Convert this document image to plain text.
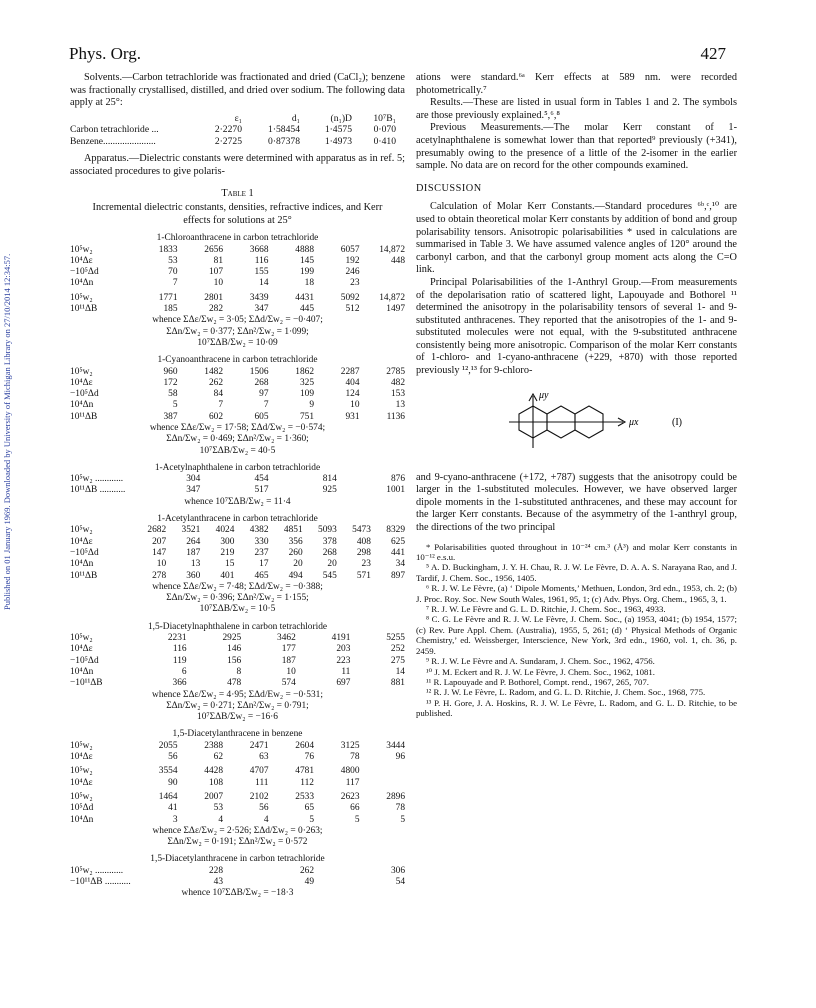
Published on 01 January 1969. Downloaded by University of Michigan Library on 27/10/2014 12:34:57.
Phys. Org.	427

Solvents.—Carbon tetrachloride was fractionated and dried (CaCl₂); benzene was fractionally crystallised, distilled, and dried over sodium. The following data apply at 25°:

ε₁	d₁	(n₁)D	10⁷B₁
Carbon tetrachloride ...	2·2270	1·58454	1·4575	0·070
Benzene......................	2·2725	0·87378	1·4973	0·410

Apparatus.—Dielectric constants were determined with apparatus as in ref. 5; associated procedures to give polaris-

Table 1
Incremental dielectric constants, densities, refractive indices, and Kerr effects for solutions at 25°
1-Chloroanthracene in carbon tetrachloride
10⁵w₂	1833	2656	3668	4888	6057	14,872
10⁴Δε	53	81	116	145	192	448
−10⁵Δd	70	107	155	199	246
10⁴Δn	7	10	14	18	23
10⁵w₂	1771	2801	3439	4431	5092	14,872
10¹¹ΔB	185	282	347	445	512	1497
whence ΣΔε/Σw₂ = 3·05; ΣΔd/Σw₂ = −0·407;
ΣΔn/Σw₂ = 0·377; ΣΔn²/Σw₂ = 1·099;
10⁷ΣΔB/Σw₂ = 10·09
1-Cyanoanthracene in carbon tetrachloride
10⁵w₂	960	1482	1506	1862	2287	2785
10⁴Δε	172	262	268	325	404	482
−10⁵Δd	58	84	97	109	124	153
10⁴Δn	5	7	7	9	10	13
10¹¹ΔB	387	602	605	751	931	1136
whence ΣΔε/Σw₂ = 17·58; ΣΔd/Σw₂ = −0·574;
ΣΔn/Σw₂ = 0·469; ΣΔn²/Σw₂ = 1·360;
10⁷ΣΔB/Σw₂ = 40·5
1-Acetylnaphthalene in carbon tetrachloride
10⁵w₂ ............	304	454	814	876
10¹¹ΔB ...........	347	517	925	1001
whence 10⁷ΣΔB/Σw₂ = 11·4
1-Acetylanthracene in carbon tetrachloride
10⁵w₂	2682	3521	4024	4382	4851	5093	5473	8329
10⁴Δε	207	264	300	330	356	378	408	625
−10⁵Δd	147	187	219	237	260	268	298	441
10⁴Δn	10	13	15	17	20	20	23	34
10¹¹ΔB	278	360	401	465	494	545	571	897
whence ΣΔε/Σw₂ = 7·48; ΣΔd/Σw₂ = −0·388;
ΣΔn/Σw₂ = 0·396; ΣΔn²/Σw₂ = 1·155;
10⁷ΣΔB/Σw₂ = 10·5
1,5-Diacetylnaphthalene in carbon tetrachloride
10⁵w₂	2231	2925	3462	4191	5255
10⁴Δε	116	146	177	203	252
−10⁵Δd	119	156	187	223	275
10⁴Δn	6	8	10	11	14
−10¹¹ΔB	366	478	574	697	881
whence ΣΔε/Σw₂ = 4·95; ΣΔd/Ew₂ = −0·531;
ΣΔn/Σw₂ = 0·271; ΣΔn²/Σw₂ = 0·791;
10⁷ΣΔB/Σw₂ = −16·6
1,5-Diacetylanthracene in benzene
10⁵w₂	2055	2388	2471	2604	3125	3444
10⁴Δε	56	62	63	76	78	96
10⁵w₂	3554	4428	4707	4781	4800
10⁴Δε	90	108	111	112	117
10⁵w₂	1464	2007	2102	2533	2623	2896
10⁵Δd	41	53	56	65	66	78
10⁴Δn	3	4	4	5	5	5
whence ΣΔε/Σw₂ = 2·526; ΣΔd/Σw₂ = 0·263;
ΣΔn/Σw₂ = 0·191; ΣΔn²/Σw₂ = 0·572
1,5-Diacetylanthracene in carbon tetrachloride
10⁵w₂ ............	228	262	306
−10¹¹ΔB ...........	43	49	54
whence 10⁷ΣΔB/Σw₂ = −18·3

ations were standard.⁶ᵃ Kerr effects at 589 nm. were recorded photometrically.⁷

Results.—These are listed in usual form in Tables 1 and 2. The symbols are those previously explained.⁵,⁶,⁸

Previous Measurements.—The molar Kerr constant of 1-acetylnaphthalene is somewhat lower than that reported⁹ previously (+341), presumably owing to the presence of a little of the 2-isomer in the earlier sample. No data are on record for the other compounds examined.

DISCUSSION

Calculation of Molar Kerr Constants.—Standard procedures ⁶ᵇ,ᶜ,¹⁰ are used to obtain theoretical molar Kerr constants by addition of bond and group polarisability tensors. Anisotropic polarisabilities * used in calculations are summarised in Table 3. We have assumed valence angles of 120° around the carbonyl carbon, and that the carbonyl group moment acts along the C=O link.

Principal Polarisabilities of the 1-Anthryl Group.—From measurements of the depolarisation ratio of scattered light, Lapouyade and Bothorel ¹¹ determined the anisotropy in the polarisability tensors of several 1- and 9-substituted anthracenes. They reported that the anisotropies of the 1- and 9-substituted molecules were not equal, with the 9-substituted anthracene consistently being more anisotropic. Comparison of the molar Kerr constants of 1-chloro- and 1-cyano-anthracene (+229, +870) with those reported previously ¹²,¹³ for 9-chloro-

μy
μx	(I)

and 9-cyano-anthracene (+172, +787) suggests that the anisotropy could be larger in the 1-substituted molecules. However, we have observed larger dipole moments in the 1-substituted anthracenes, and these may account for the larger Kerr constants. Because of the asymmetry of the 1-anthryl group, the directions of the two principal

* Polarisabilities quoted throughout in 10⁻²⁴ cm.³ (Å³) and molar Kerr constants in 10⁻¹² e.s.u.

⁵ A. D. Buckingham, J. Y. H. Chau, R. J. W. Le Fèvre, D. A. A. S. Narayana Rao, and J. Tardif, J. Chem. Soc., 1956, 1405.

⁶ R. J. W. Le Fèvre, (a) ‘ Dipole Moments,’ Methuen, London, 3rd edn., 1953, ch. 2; (b) J. Proc. Roy. Soc. New South Wales, 1961, 95, 1; (c) Adv. Phys. Org. Chem., 1965, 3, 1.

⁷ R. J. W. Le Fèvre and G. L. D. Ritchie, J. Chem. Soc., 1963, 4933.

⁸ C. G. Le Fèvre and R. J. W. Le Fèvre, J. Chem. Soc., (a) 1953, 4041; (b) 1954, 1577; (c) Rev. Pure Appl. Chem. (Australia), 1955, 5, 261; (d) ‘ Physical Methods of Organic Chemistry,’ ed. Weissberger, Interscience, New York, 3rd edn., 1960, vol. 1, ch. 36, p. 2459.

⁹ R. J. W. Le Fèvre and A. Sundaram, J. Chem. Soc., 1962, 4756.

¹⁰ J. M. Eckert and R. J. W. Le Fèvre, J. Chem. Soc., 1962, 1081.

¹¹ R. Lapouyade and P. Bothorel, Compt. rend., 1967, 265, 707.

¹² R. J. W. Le Fèvre, L. Radom, and G. L. D. Ritchie, J. Chem. Soc., 1968, 775.

¹³ P. H. Gore, J. A. Hoskins, R. J. W. Le Fèvre, L. Radom, and G. L. D. Ritchie, to be published.
